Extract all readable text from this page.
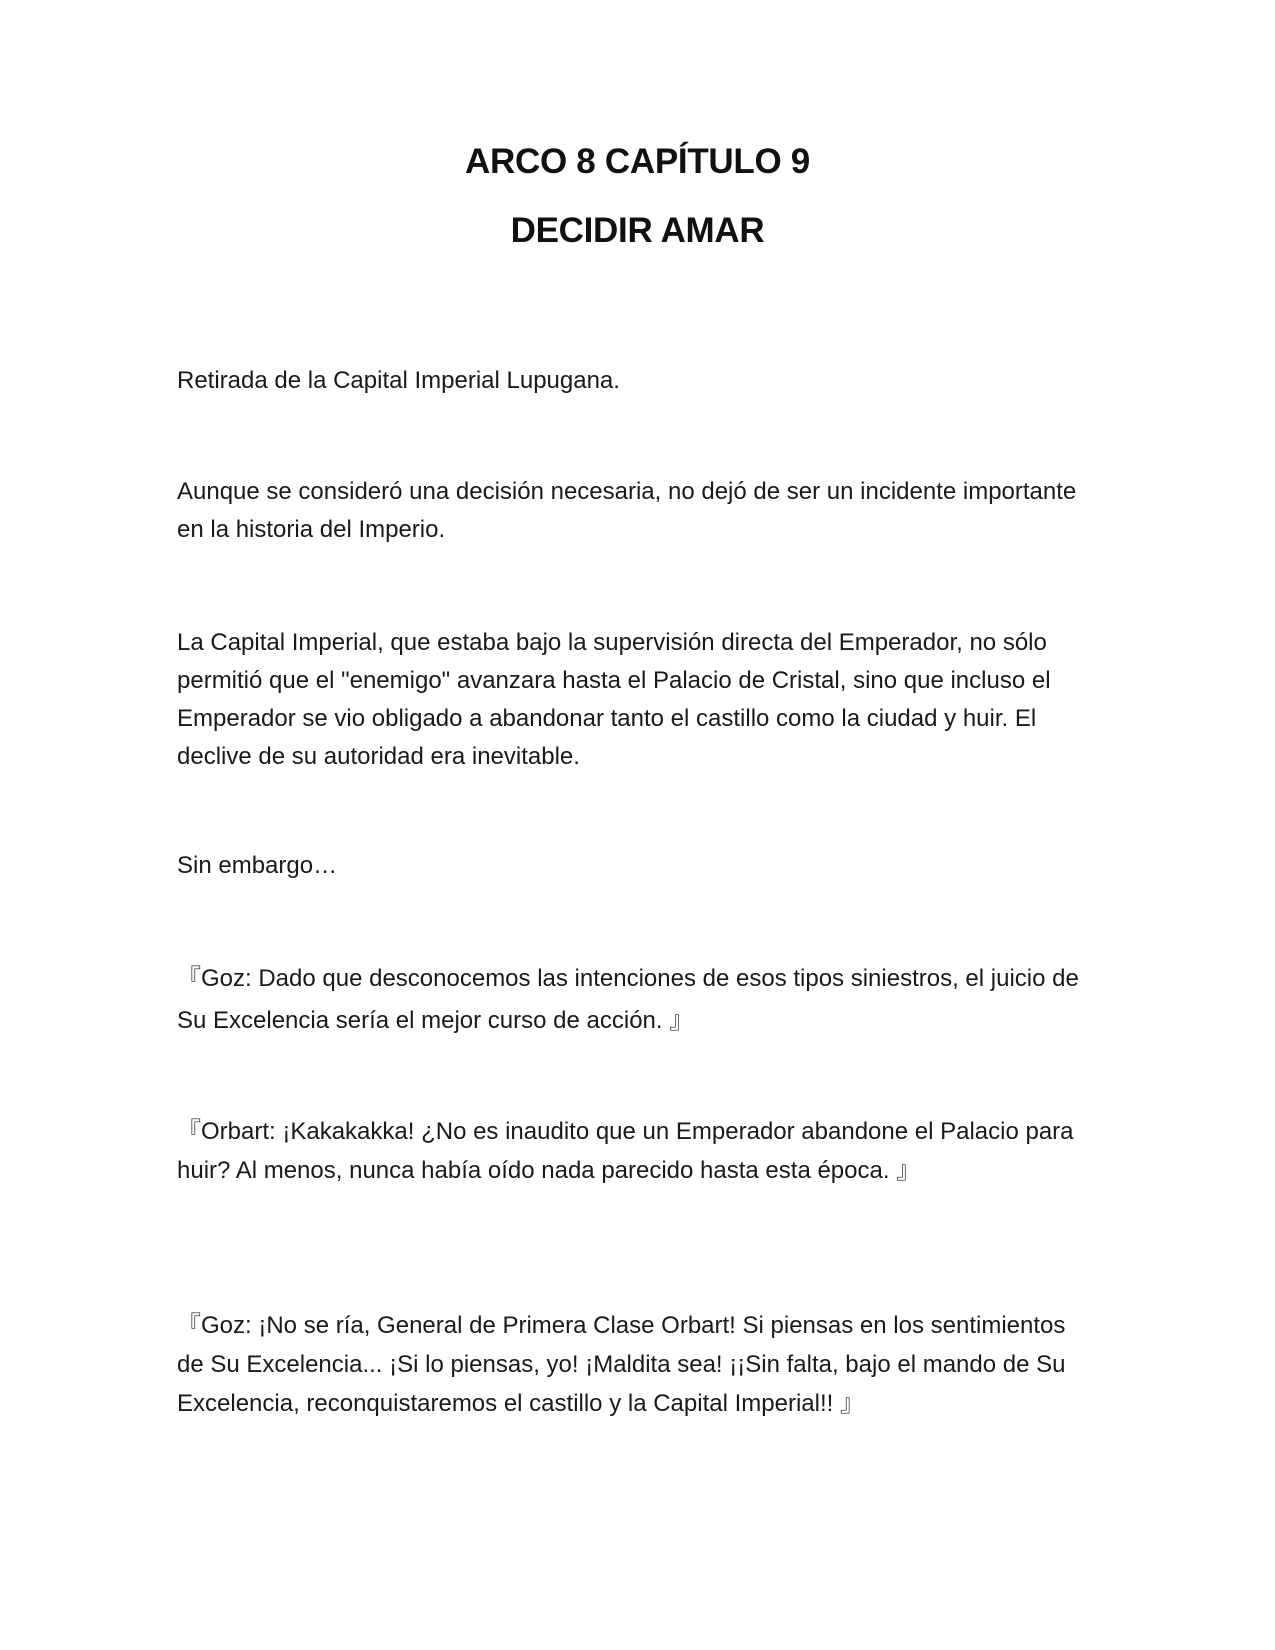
ARCO 8 CAPÍTULO 9
DECIDIR AMAR

Retirada de la Capital Imperial Lupugana.

Aunque se consideró una decisión necesaria, no dejó de ser un incidente importante en la historia del Imperio.

La Capital Imperial, que estaba bajo la supervisión directa del Emperador, no sólo permitió que el "enemigo" avanzara hasta el Palacio de Cristal, sino que incluso el Emperador se vio obligado a abandonar tanto el castillo como la ciudad y huir. El declive de su autoridad era inevitable.

Sin embargo…

『Goz: Dado que desconocemos las intenciones de esos tipos siniestros, el juicio de Su Excelencia sería el mejor curso de acción. 』

『Orbart: ¡Kakakakka! ¿No es inaudito que un Emperador abandone el Palacio para huir? Al menos, nunca había oído nada parecido hasta esta época. 』

『Goz: ¡No se ría, General de Primera Clase Orbart! Si piensas en los sentimientos de Su Excelencia... ¡Si lo piensas, yo! ¡Maldita sea! ¡¡Sin falta, bajo el mando de Su Excelencia, reconquistaremos el castillo y la Capital Imperial!! 』
